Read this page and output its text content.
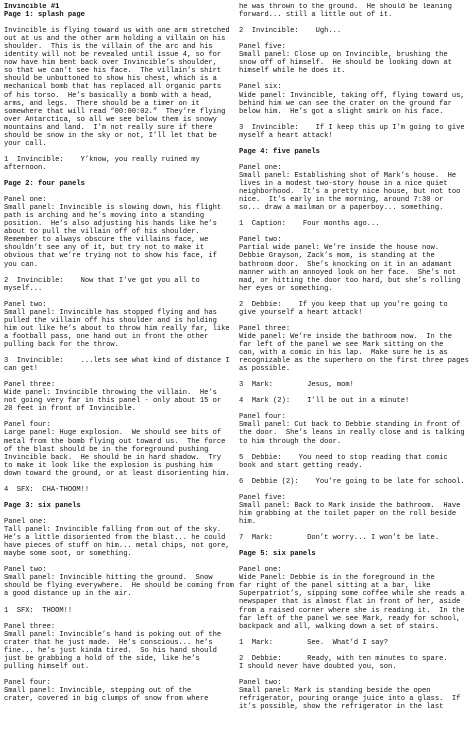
Invincible #1
Page 1: splash page
Invincible is flying toward us with one arm stretched
out at us and the other arm holding a villain on his
shoulder.  This is the villain of the arc and his
identity will not be revealed until issue 4, so for
now have him bent back over Invincible’s shoulder,
so that we can’t see his face.  The villain’s shirt
should be unbuttoned to show his chest, which is a
mechanical bomb that has replaced all organic parts
of his torso.  He’s basically a bomb with a head,
arms, and legs.  There should be a timer on it
somewhere that will read “00:00:02.”  They’re flying
over Antarctica, so all we see below them is snowy
mountains and land.  I’m not really sure if there
should be snow in the sky or not, I’ll let that be
your call.
1  Invincible:    Y’know, you really ruined my
afternoon.
Page 2: four panels
Panel one:
Small panel: Invincible is slowing down, his flight
path is arching and he’s moving into a standing
position.  He’s also adjusting his hands like he’s
about to pull the villain off of his shoulder.
Remember to always obscure the villains face, we
shouldn’t see any of it, but try not to make it
obvious that we’re trying not to show his face, if
you can.
2  Invincible:    Now that I’ve got you all to
myself...
Panel two:
Small panel: Invincible has stopped flying and has
pulled the villain off his shoulder and is holding
him out like he’s about to throw him really far, like
a football pass, one hand out in front the other
pulling back for the throw.
3  Invincible:    ...lets see what kind of distance I
can get!
Panel three:
Wide panel: Invincible throwing the villain.  He’s
not going very far in this panel - only about 15 or
20 feet in front of Invincible.
Panel four:
Large panel: Huge explosion.  We should see bits of
metal from the bomb flying out toward us.  The force
of the blast should be in the foreground pushing
Invincible back.  He should be in hard shadow.  Try
to make it look like the explosion is pushing him
down toward the ground, or at least disorienting him.
4  SFX:  CHA-THOOM!!
Page 3: six panels
Panel one:
Tall panel: Invincible falling from out of the sky.
He’s a little disoriented from the blast... he could
have pieces of stuff on him... metal chips, not gore,
maybe some soot, or something.
Panel two:
Small panel: Invincible hitting the ground.  Snow
should be flying everywhere.  He should be coming from
a good distance up in the air.
1  SFX:  THOOM!!
Panel three:
Small panel: Invincible’s hand is poking out of the
crater that he just made.  He’s conscious... he’s
fine... he’s just kinda tired.  So his hand should
just be grabbing a hold of the side, like he’s
pulling himself out.
Panel four:
Small panel: Invincible, stepping out of the
crater, covered in big clumps of snow from where
he was thrown to the ground.  He should be leaning
forward... still a little out of it.
2  Invincible:    Ugh...
Panel five:
Small panel: Close up on Invincible, brushing the
snow off of himself.  He should be looking down at
himself while he does it.
Panel six:
Wide panel: Invincible, taking off, flying toward us,
behind him we can see the crater on the ground far
below him.  He’s got a slight smirk on his face.
3  Invincible:    If I keep this up I’m going to give
myself a heart attack!
Page 4: five panels
Panel one:
Small panel: Establishing shot of Mark’s house.  He
lives in a modest two-story house in a nice quiet
neighborhood.  It’s a pretty nice house, but not too
nice.  It’s early in the morning, around 7:30 or
so... draw a mailman or a paperboy... something.
1  Caption:    Four months ago...
Panel two:
Partial wide panel: We’re inside the house now.
Debbie Grayson, Zack’s mom, is standing at the
bathroom door.  She’s knocking on it in an adamant
manner with an annoyed look on her face.  She’s not
mad, or hitting the door too hard, but she’s rolling
her eyes or something.
2  Debbie:    If you keep that up you’re going to
give yourself a heart attack!
Panel three:
Wide panel: We’re inside the bathroom now.  In the
far left of the panel we see Mark sitting on the
can, with a comic in his lap.  Make sure he is as
recognizable as the superhero on the first three pages
as possible.
3  Mark:        Jesus, mom!
4  Mark (2):    I’ll be out in a minute!
Panel four:
Small panel: Cut back to Debbie standing in front of
the door.  She’s leans in really close and is talking
to him through the door.
5  Debbie:    You need to stop reading that comic
book and start getting ready.
6  Debbie (2):    You’re going to be late for school.
Panel five:
Small panel: Back to Mark inside the bathroom.  Have
him grabbing at the toilet paper on the roll beside
him.
7  Mark:        Don’t worry... I won’t be late.
Page 5: six panels
Panel one:
Wide Panel: Debbie is in the foreground in the
far right of the panel sitting at a bar, like
Superpatriot’s, sipping some coffee while she reads a
newspaper that is almost flat in front of her, aside
from a raised corner where she is reading it.  In the
far left of the panel we see Mark, ready for school,
backpack and all, walking down a set of stairs.
1  Mark:        See.  What’d I say?
2  Debbie:      Ready, with ten minutes to spare.
I should never have doubted you, son.
Panel two:
Small panel: Mark is standing beside the open
refrigerator, pouring orange juice into a glass.  If
it’s possible, show the refrigerator in the last
